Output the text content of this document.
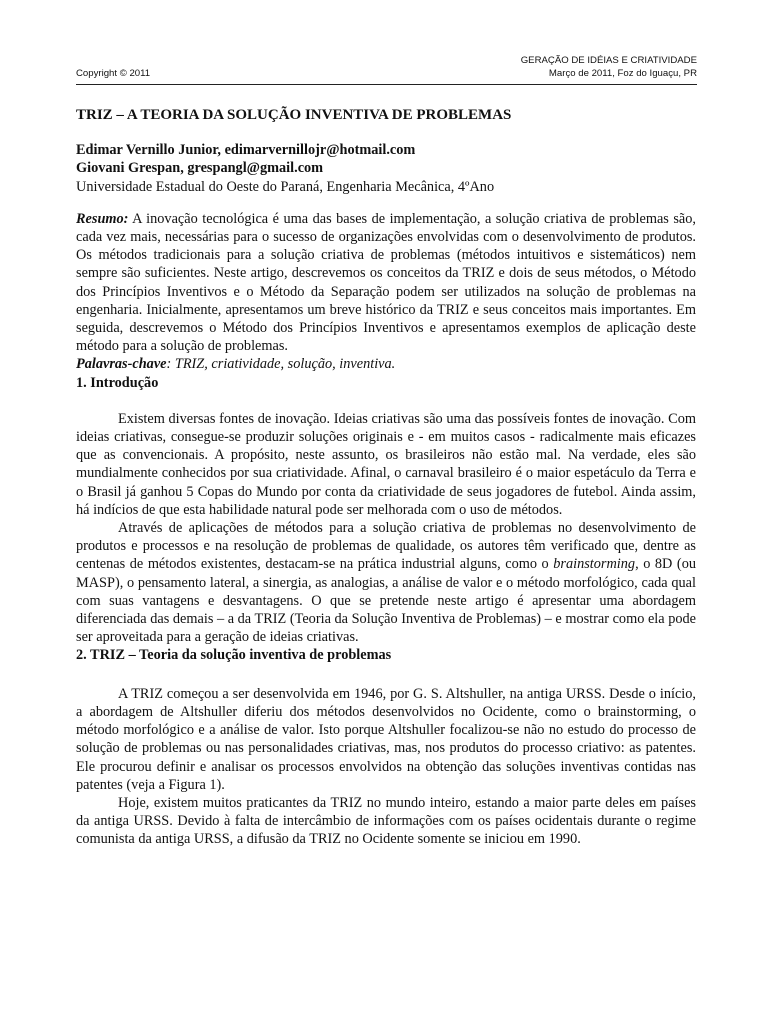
GERAÇÃO DE IDÉIAS E CRIATIVIDADE
Março de 2011, Foz do Iguaçu, PR
Copyright © 2011
TRIZ – A TEORIA DA SOLUÇÃO INVENTIVA DE PROBLEMAS

Edimar Vernillo Junior, edimarvernillojr@hotmail.com

Giovani Grespan, grespangl@gmail.com

Universidade Estadual do Oeste do Paraná, Engenharia Mecânica, 4ºAno

Resumo: A inovação tecnológica é uma das bases de implementação, a solução criativa de problemas são, cada vez mais, necessárias para o sucesso de organizações envolvidas com o desenvolvimento de produtos. Os métodos tradicionais para a solução criativa de problemas (métodos intuitivos e sistemáticos) nem sempre são suficientes. Neste artigo, descrevemos os conceitos da TRIZ e dois de seus métodos, o Método dos Princípios Inventivos e o Método da Separação podem ser utilizados na solução de problemas na engenharia. Inicialmente, apresentamos um breve histórico da TRIZ e seus conceitos mais importantes. Em seguida, descrevemos o Método dos Princípios Inventivos e apresentamos exemplos de aplicação deste método para a solução de problemas.

Palavras-chave: TRIZ, criatividade, solução, inventiva.

1. Introdução

Existem diversas fontes de inovação. Ideias criativas são uma das possíveis fontes de inovação. Com ideias criativas, consegue-se produzir soluções originais e - em muitos casos - radicalmente mais eficazes que as convencionais. A propósito, neste assunto, os brasileiros não estão mal. Na verdade, eles são mundialmente conhecidos por sua criatividade. Afinal, o carnaval brasileiro é o maior espetáculo da Terra e o Brasil já ganhou 5 Copas do Mundo por conta da criatividade de seus jogadores de futebol. Ainda assim, há indícios de que esta habilidade natural pode ser melhorada com o uso de métodos.

Através de aplicações de métodos para a solução criativa de problemas no desenvolvimento de produtos e processos e na resolução de problemas de qualidade, os autores têm verificado que, dentre as centenas de métodos existentes, destacam-se na prática industrial alguns, como o brainstorming, o 8D (ou MASP), o pensamento lateral, a sinergia, as analogias, a análise de valor e o método morfológico, cada qual com suas vantagens e desvantagens. O que se pretende neste artigo é apresentar uma abordagem diferenciada das demais – a da TRIZ (Teoria da Solução Inventiva de Problemas) – e mostrar como ela pode ser aproveitada para a geração de ideias criativas.

2. TRIZ – Teoria da solução inventiva de problemas

A TRIZ começou a ser desenvolvida em 1946, por G. S. Altshuller, na antiga URSS. Desde o início, a abordagem de Altshuller diferiu dos métodos desenvolvidos no Ocidente, como o brainstorming, o método morfológico e a análise de valor. Isto porque Altshuller focalizou-se não no estudo do processo de solução de problemas ou nas personalidades criativas, mas, nos produtos do processo criativo: as patentes. Ele procurou definir e analisar os processos envolvidos na obtenção das soluções inventivas contidas nas patentes (veja a Figura 1).

Hoje, existem muitos praticantes da TRIZ no mundo inteiro, estando a maior parte deles em países da antiga URSS. Devido à falta de intercâmbio de informações com os países ocidentais durante o regime comunista da antiga URSS, a difusão da TRIZ no Ocidente somente se iniciou em 1990.
